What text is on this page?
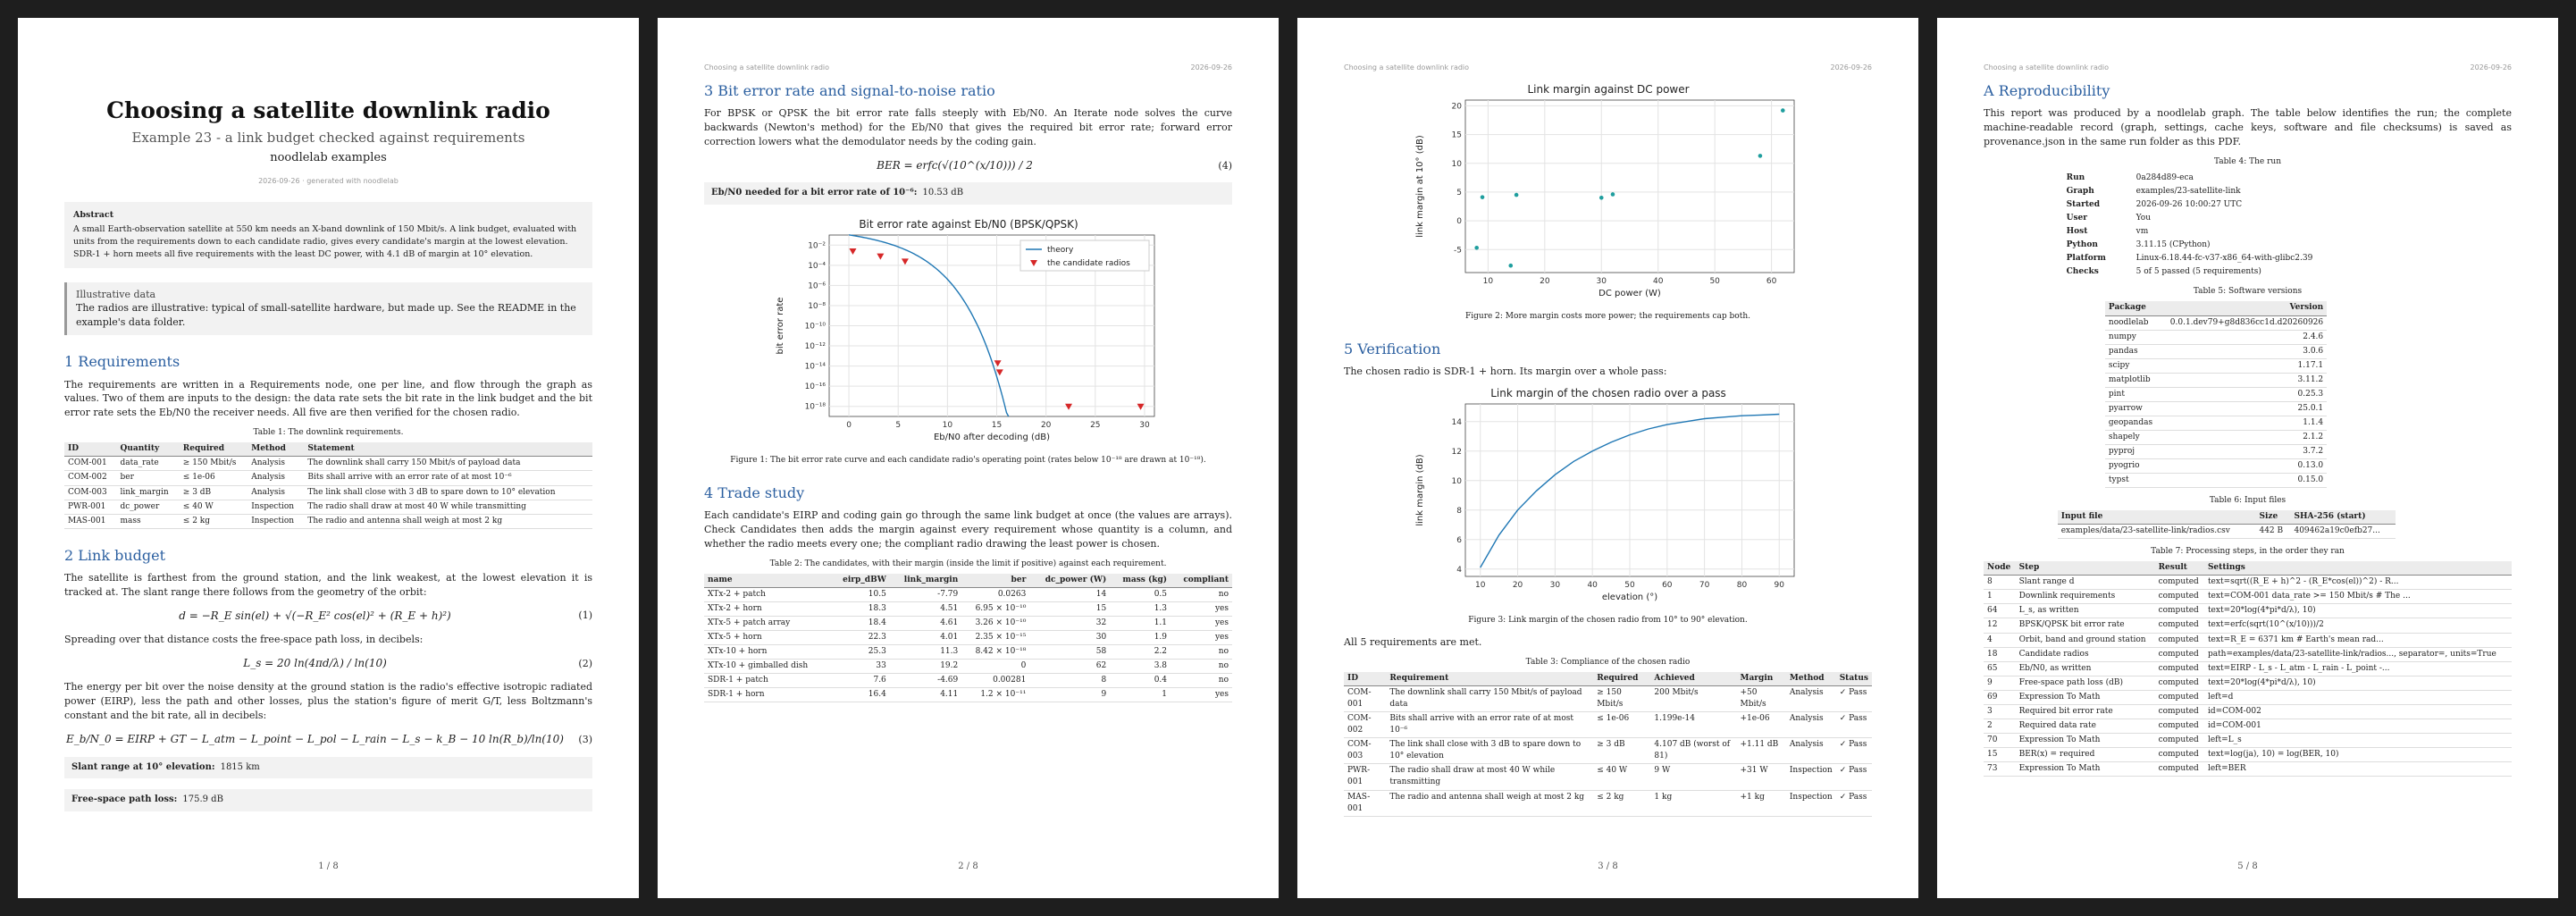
Choosing a satellite downlink radio
Example 23 - a link budget checked against requirements
noodlelab examples
2026-09-26 · generated with noodlelab
Abstract
A small Earth-observation satellite at 550 km needs an X-band downlink of 150 Mbit/s. A link budget, evaluated with units from the requirements down to each candidate radio, gives every candidate's margin at the lowest elevation. SDR-1 + horn meets all five requirements with the least DC power, with 4.1 dB of margin at 10° elevation.
Illustrative data
The radios are illustrative: typical of small-satellite hardware, but made up. See the README in the example's data folder.
1 Requirements

The requirements are written in a Requirements node, one per line, and flow through the graph as values. Two of them are inputs to the design: the data rate sets the bit rate in the link budget and the bit error rate sets the Eb/N0 the receiver needs. All five are then verified for the chosen radio.

Table 1: The downlink requirements.
ID	Quantity	Required	Method	Statement
COM-001	data_rate	≥ 150 Mbit/s	Analysis	The downlink shall carry 150 Mbit/s of payload data
COM-002	ber	≤ 1e-06	Analysis	Bits shall arrive with an error rate of at most 10⁻⁶
COM-003	link_margin	≥ 3 dB	Analysis	The link shall close with 3 dB to spare down to 10° elevation
PWR-001	dc_power	≤ 40 W	Inspection	The radio shall draw at most 40 W while transmitting
MAS-001	mass	≤ 2 kg	Inspection	The radio and antenna shall weigh at most 2 kg
2 Link budget

The satellite is farthest from the ground station, and the link weakest, at the lowest elevation it is tracked at. The slant range there follows from the geometry of the orbit:

d = −R_E sin(el) + √(−R_E² cos(el)² + (R_E + h)²)	(1)

Spreading over that distance costs the free-space path loss, in decibels:

L_s = 20 ln(4πd/λ) / ln(10)	(2)

The energy per bit over the noise density at the ground station is the radio's effective isotropic radiated power (EIRP), less the path and other losses, plus the station's figure of merit G/T, less Boltzmann's constant and the bit rate, all in decibels:

E_b/N_0 = EIRP + GT − L_atm − L_point − L_pol − L_rain − L_s − k_B − 10 ln(R_b)/ln(10)	(3)
Slant range at 10° elevation: 1815 km
Free-space path loss: 175.9 dB
1 / 8
Choosing a satellite downlink radio	2026-09-26
3 Bit error rate and signal-to-noise ratio

For BPSK or QPSK the bit error rate falls steeply with Eb/N0. An Iterate node solves the curve backwards (Newton's method) for the Eb/N0 that gives the required bit error rate; forward error correction lowers what the demodulator needs by the coding gain.

BER = erfc(√(10^(x/10))) / 2	(4)
Eb/N0 needed for a bit error rate of 10⁻⁶: 10.53 dB
Bit error rate against Eb/N0 (BPSK/QPSK)
Eb/N0 after decoding (dB)
bit error rate
0	5	10	15	20	25	30
10⁻²
10⁻⁴
10⁻⁶
10⁻⁸
10⁻¹⁰
10⁻¹²
10⁻¹⁴
10⁻¹⁶
10⁻¹⁸
theory
the candidate radios
Figure 1: The bit error rate curve and each candidate radio's operating point (rates below 10⁻¹⁸ are drawn at 10⁻¹⁸).
4 Trade study

Each candidate's EIRP and coding gain go through the same link budget at once (the values are arrays). Check Candidates then adds the margin against every requirement whose quantity is a column, and whether the radio meets every one; the compliant radio drawing the least power is chosen.

Table 2: The candidates, with their margin (inside the limit if positive) against each requirement.
name	eirp_dBW	link_margin	ber	dc_power (W)	mass (kg)	compliant
XTx-2 + patch	10.5	-7.79	0.0263	14	0.5	no
XTx-2 + horn	18.3	4.51	6.95 × 10⁻¹⁰	15	1.3	yes
XTx-5 + patch array	18.4	4.61	3.26 × 10⁻¹⁰	32	1.1	yes
XTx-5 + horn	22.3	4.01	2.35 × 10⁻¹⁵	30	1.9	yes
XTx-10 + horn	25.3	11.3	8.42 × 10⁻¹⁸	58	2.2	no
XTx-10 + gimballed dish	33	19.2	0	62	3.8	no
SDR-1 + patch	7.6	-4.69	0.00281	8	0.4	no
SDR-1 + horn	16.4	4.11	1.2 × 10⁻¹¹	9	1	yes
2 / 8
Choosing a satellite downlink radio	2026-09-26
Link margin against DC power
DC power (W)
link margin at 10° (dB)
10	20	30	40	50	60
-5
0
5
10
15
20
Figure 2: More margin costs more power; the requirements cap both.
5 Verification

The chosen radio is SDR-1 + horn. Its margin over a whole pass:

Link margin of the chosen radio over a pass
elevation (°)
link margin (dB)
10	20	30	40	50	60	70	80	90
4
6
8
10
12
14
Figure 3: Link margin of the chosen radio from 10° to 90° elevation.

All 5 requirements are met.

Table 3: Compliance of the chosen radio
ID	Requirement	Required	Achieved	Margin	Method	Status
COM-001	The downlink shall carry 150 Mbit/s of payload data	≥ 150 Mbit/s	200 Mbit/s	+50 Mbit/s	Analysis	✓ Pass
COM-002	Bits shall arrive with an error rate of at most 10⁻⁶	≤ 1e-06	1.199e-14	+1e-06	Analysis	✓ Pass
COM-003	The link shall close with 3 dB to spare down to 10° elevation	≥ 3 dB	4.107 dB (worst of 81)	+1.11 dB	Analysis	✓ Pass
PWR-001	The radio shall draw at most 40 W while transmitting	≤ 40 W	9 W	+31 W	Inspection	✓ Pass
MAS-001	The radio and antenna shall weigh at most 2 kg	≤ 2 kg	1 kg	+1 kg	Inspection	✓ Pass
3 / 8
Choosing a satellite downlink radio	2026-09-26
A Reproducibility

This report was produced by a noodlelab graph. The table below identifies the run; the complete machine-readable record (graph, settings, cache keys, software and file checksums) is saved as provenance.json in the same run folder as this PDF.

Table 4: The run
Run	0a284d89-eca
Graph	examples/23-satellite-link
Started	2026-09-26 10:00:27 UTC
User	You
Host	vm
Python	3.11.15 (CPython)
Platform	Linux-6.18.44-fc-v37-x86_64-with-glibc2.39
Checks	5 of 5 passed (5 requirements)
Table 5: Software versions
Package	Version
noodlelab	0.0.1.dev79+g8d836cc1d.d20260926
numpy	2.4.6
pandas	3.0.6
scipy	1.17.1
matplotlib	3.11.2
pint	0.25.3
pyarrow	25.0.1
geopandas	1.1.4
shapely	2.1.2
pyproj	3.7.2
pyogrio	0.13.0
typst	0.15.0
Table 6: Input files
Input file	Size	SHA-256 (start)
examples/data/23-satellite-link/radios.csv	442 B	409462a19c0efb27...
Table 7: Processing steps, in the order they ran
Node	Step	Result	Settings
8	Slant range d	computed	text=sqrt((R_E + h)^2 - (R_E*cos(el))^2) - R...
1	Downlink requirements	computed	text=COM-001 data_rate >= 150 Mbit/s # The ...
64	L_s, as written	computed	text=20*log(4*pi*d/λ), 10)
12	BPSK/QPSK bit error rate	computed	text=erfc(sqrt(10^(x/10)))/2
4	Orbit, band and ground station	computed	text=R_E = 6371 km # Earth's mean rad...
18	Candidate radios	computed	path=examples/data/23-satellite-link/radios..., separator=, units=True
65	Eb/N0, as written	computed	text=EIRP - L_s - L_atm - L_rain - L_point -...
9	Free-space path loss (dB)	computed	text=20*log(4*pi*d/λ), 10)
69	Expression To Math	computed	left=d
3	Required bit error rate	computed	id=COM-002
2	Required data rate	computed	id=COM-001
70	Expression To Math	computed	left=L_s
15	BER(x) = required	computed	text=log(ja), 10) = log(BER, 10)
73	Expression To Math	computed	left=BER
5 / 8
